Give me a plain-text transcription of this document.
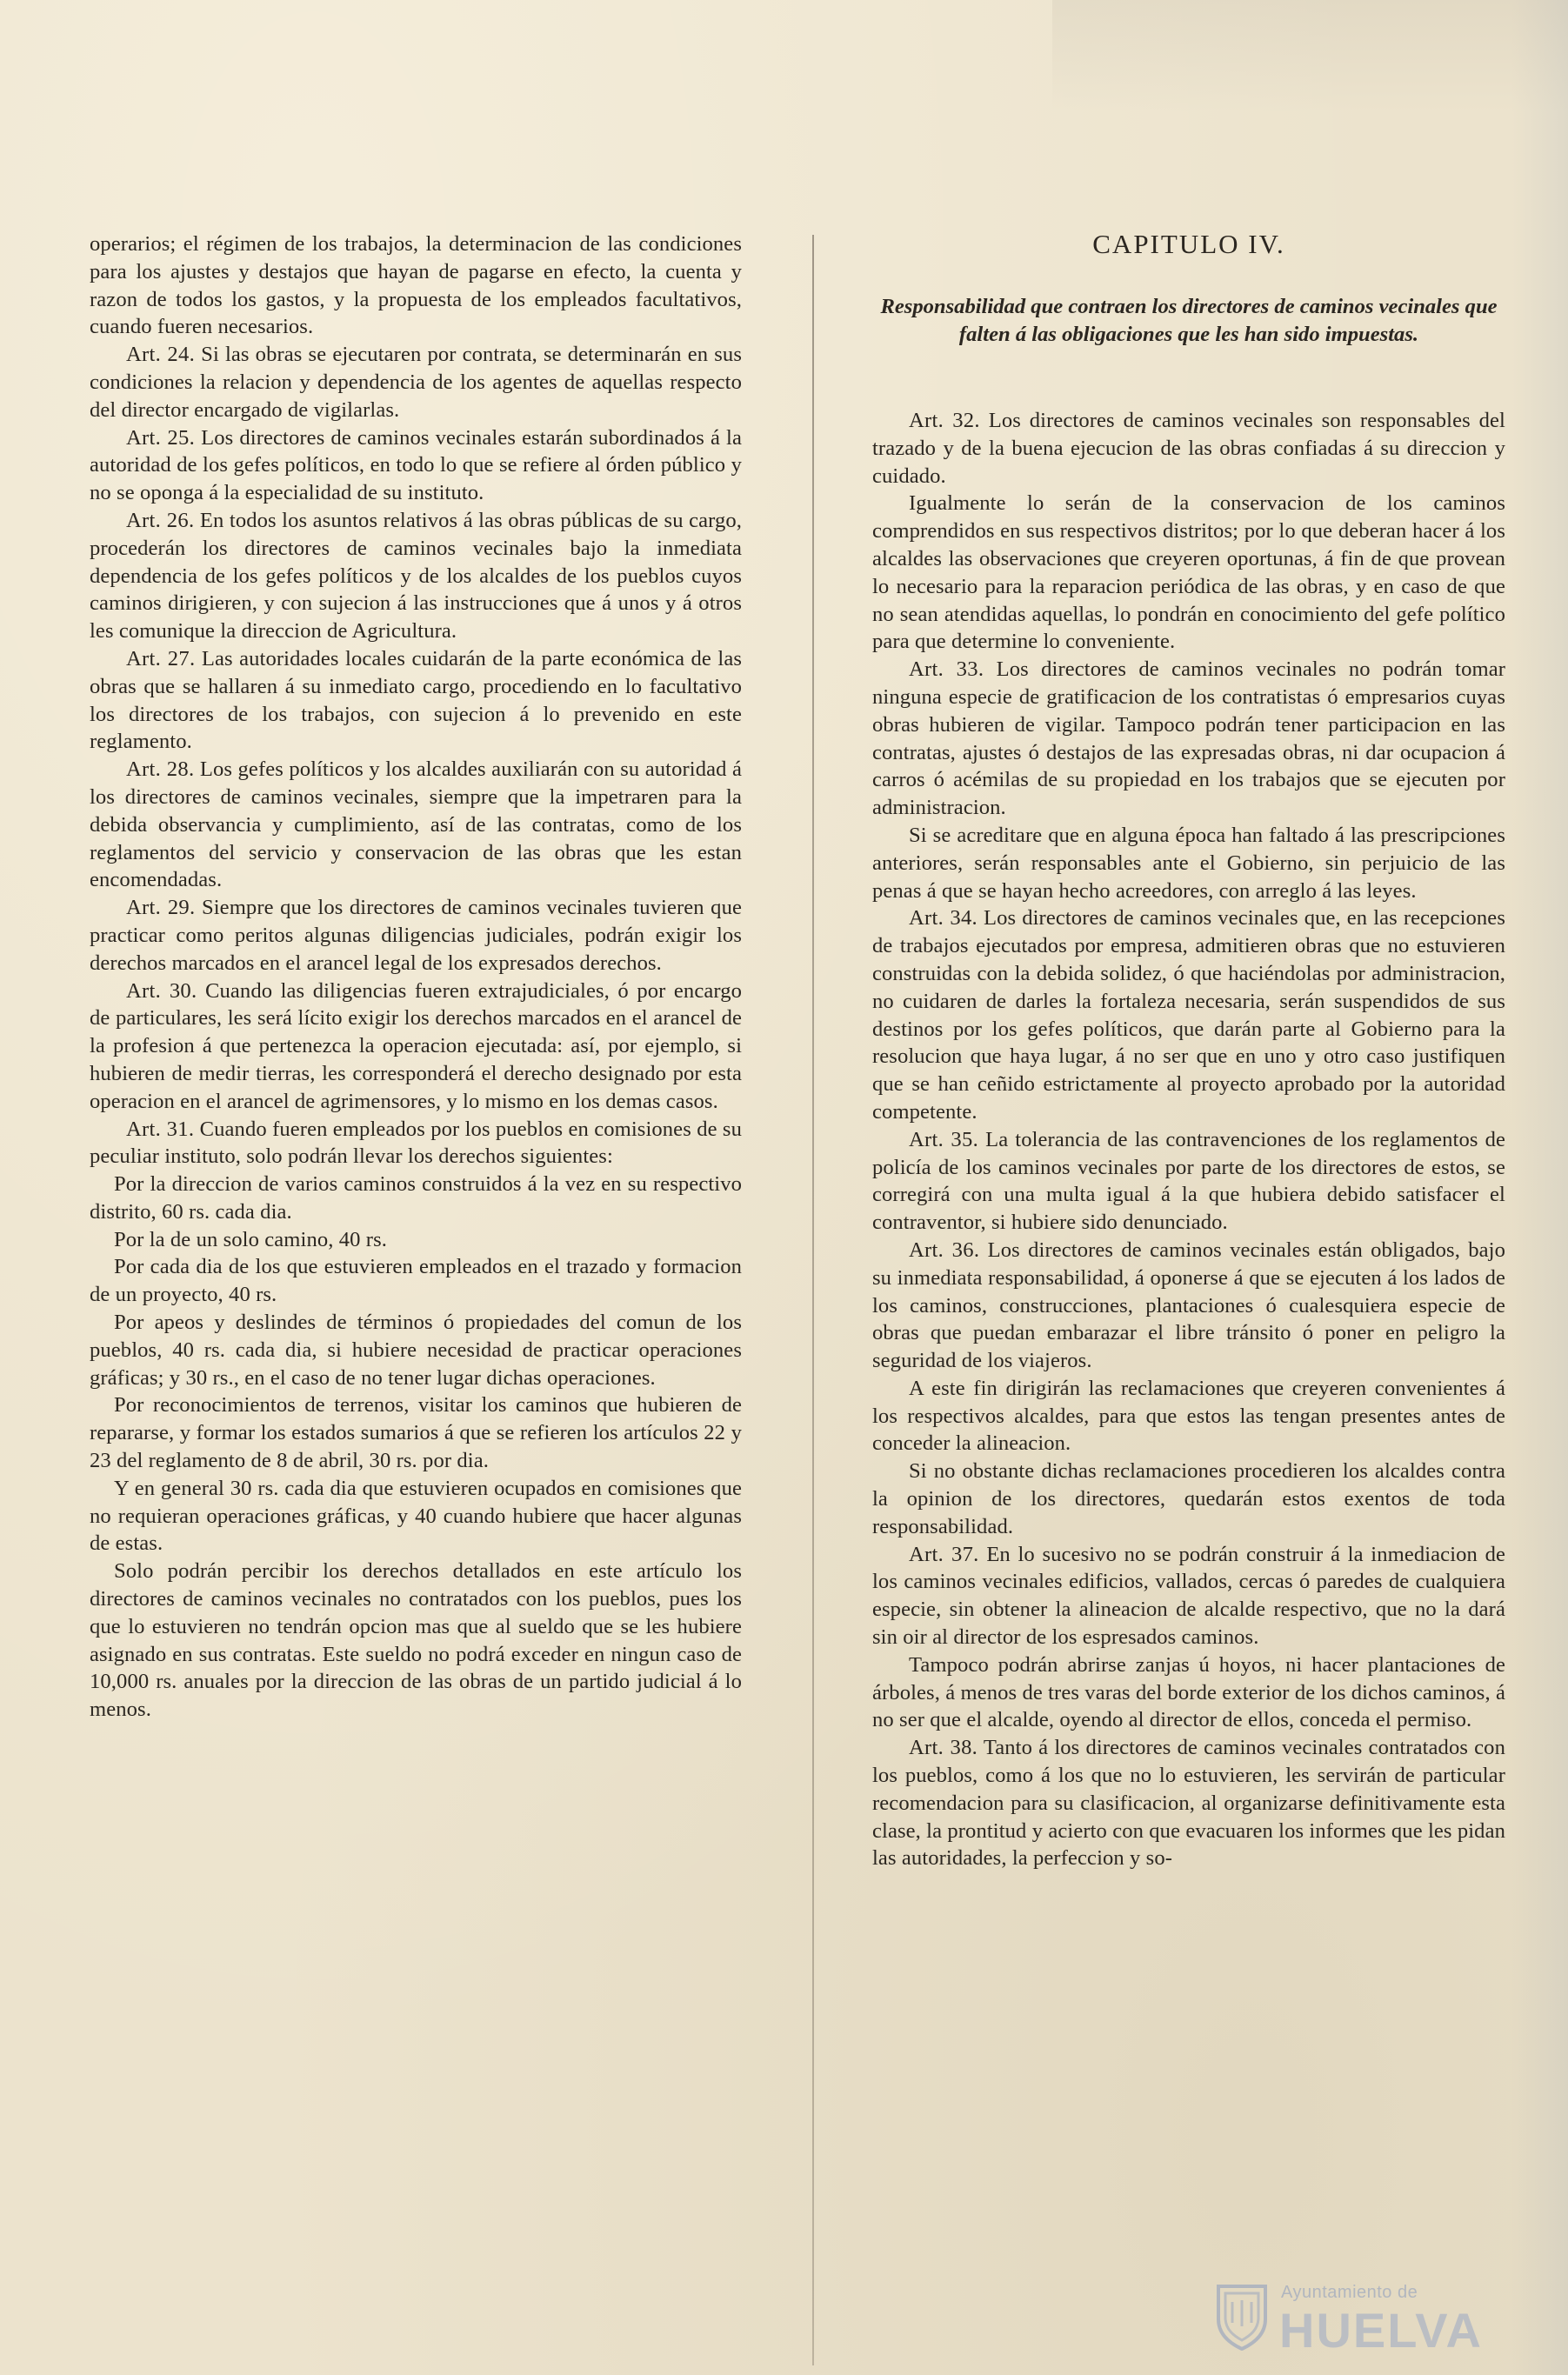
operarios; el régimen de los trabajos, la determinacion de las condiciones para los ajustes y destajos que hayan de pagarse en efecto, la cuenta y razon de todos los gastos, y la propuesta de los empleados facultativos, cuando fueren necesarios.

Art. 24. Si las obras se ejecutaren por contrata, se determinarán en sus condiciones la relacion y dependencia de los agentes de aquellas respecto del director encargado de vigilarlas.

Art. 25. Los directores de caminos vecinales estarán subordinados á la autoridad de los gefes políticos, en todo lo que se refiere al órden público y no se oponga á la especialidad de su instituto.

Art. 26. En todos los asuntos relativos á las obras públicas de su cargo, procederán los directores de caminos vecinales bajo la inmediata dependencia de los gefes políticos y de los alcaldes de los pueblos cuyos caminos dirigieren, y con sujecion á las instrucciones que á unos y á otros les comunique la direccion de Agricultura.

Art. 27. Las autoridades locales cuidarán de la parte económica de las obras que se hallaren á su inmediato cargo, procediendo en lo facultativo los directores de los trabajos, con sujecion á lo prevenido en este reglamento.

Art. 28. Los gefes políticos y los alcaldes auxiliarán con su autoridad á los directores de caminos vecinales, siempre que la impetraren para la debida observancia y cumplimiento, así de las contratas, como de los reglamentos del servicio y conservacion de las obras que les estan encomendadas.

Art. 29. Siempre que los directores de caminos vecinales tuvieren que practicar como peritos algunas diligencias judiciales, podrán exigir los derechos marcados en el arancel legal de los expresados derechos.

Art. 30. Cuando las diligencias fueren extrajudiciales, ó por encargo de particulares, les será lícito exigir los derechos marcados en el arancel de la profesion á que pertenezca la operacion ejecutada: así, por ejemplo, si hubieren de medir tierras, les corresponderá el derecho designado por esta operacion en el arancel de agrimensores, y lo mismo en los demas casos.

Art. 31. Cuando fueren empleados por los pueblos en comisiones de su peculiar instituto, solo podrán llevar los derechos siguientes:

Por la direccion de varios caminos construidos á la vez en su respectivo distrito, 60 rs. cada dia.

Por la de un solo camino, 40 rs.

Por cada dia de los que estuvieren empleados en el trazado y formacion de un proyecto, 40 rs.

Por apeos y deslindes de términos ó propiedades del comun de los pueblos, 40 rs. cada dia, si hubiere necesidad de practicar operaciones gráficas; y 30 rs., en el caso de no tener lugar dichas operaciones.

Por reconocimientos de terrenos, visitar los caminos que hubieren de repararse, y formar los estados sumarios á que se refieren los artículos 22 y 23 del reglamento de 8 de abril, 30 rs. por dia.

Y en general 30 rs. cada dia que estuvieren ocupados en comisiones que no requieran operaciones gráficas, y 40 cuando hubiere que hacer algunas de estas.

Solo podrán percibir los derechos detallados en este artículo los directores de caminos vecinales no contratados con los pueblos, pues los que lo estuvieren no tendrán opcion mas que al sueldo que se les hubiere asignado en sus contratas. Este sueldo no podrá exceder en ningun caso de 10,000 rs. anuales por la direccion de las obras de un partido judicial á lo menos.

CAPITULO IV.
Responsabilidad que contraen los directores de caminos vecinales que falten á las obligaciones que les han sido impuestas.

Art. 32. Los directores de caminos vecinales son responsables del trazado y de la buena ejecucion de las obras confiadas á su direccion y cuidado.

Igualmente lo serán de la conservacion de los caminos comprendidos en sus respectivos distritos; por lo que deberan hacer á los alcaldes las observaciones que creyeren oportunas, á fin de que provean lo necesario para la reparacion periódica de las obras, y en caso de que no sean atendidas aquellas, lo pondrán en conocimiento del gefe político para que determine lo conveniente.

Art. 33. Los directores de caminos vecinales no podrán tomar ninguna especie de gratificacion de los contratistas ó empresarios cuyas obras hubieren de vigilar. Tampoco podrán tener participacion en las contratas, ajustes ó destajos de las expresadas obras, ni dar ocupacion á carros ó acémilas de su propiedad en los trabajos que se ejecuten por administracion.

Si se acreditare que en alguna época han faltado á las prescripciones anteriores, serán responsables ante el Gobierno, sin perjuicio de las penas á que se hayan hecho acreedores, con arreglo á las leyes.

Art. 34. Los directores de caminos vecinales que, en las recepciones de trabajos ejecutados por empresa, admitieren obras que no estuvieren construidas con la debida solidez, ó que haciéndolas por administracion, no cuidaren de darles la fortaleza necesaria, serán suspendidos de sus destinos por los gefes políticos, que darán parte al Gobierno para la resolucion que haya lugar, á no ser que en uno y otro caso justifiquen que se han ceñido estrictamente al proyecto aprobado por la autoridad competente.

Art. 35. La tolerancia de las contravenciones de los reglamentos de policía de los caminos vecinales por parte de los directores de estos, se corregirá con una multa igual á la que hubiera debido satisfacer el contraventor, si hubiere sido denunciado.

Art. 36. Los directores de caminos vecinales están obligados, bajo su inmediata responsabilidad, á oponerse á que se ejecuten á los lados de los caminos, construcciones, plantaciones ó cualesquiera especie de obras que puedan embarazar el libre tránsito ó poner en peligro la seguridad de los viajeros.

A este fin dirigirán las reclamaciones que creyeren convenientes á los respectivos alcaldes, para que estos las tengan presentes antes de conceder la alineacion.

Si no obstante dichas reclamaciones procedieren los alcaldes contra la opinion de los directores, quedarán estos exentos de toda responsabilidad.

Art. 37. En lo sucesivo no se podrán construir á la inmediacion de los caminos vecinales edificios, vallados, cercas ó paredes de cualquiera especie, sin obtener la alineacion de alcalde respectivo, que no la dará sin oir al director de los espresados caminos.

Tampoco podrán abrirse zanjas ú hoyos, ni hacer plantaciones de árboles, á menos de tres varas del borde exterior de los dichos caminos, á no ser que el alcalde, oyendo al director de ellos, conceda el permiso.

Art. 38. Tanto á los directores de caminos vecinales contratados con los pueblos, como á los que no lo estuvieren, les servirán de particular recomendacion para su clasificacion, al organizarse definitivamente esta clase, la prontitud y acierto con que evacuaren los informes que les pidan las autoridades, la perfeccion y so-

Ayuntamiento de
HUELVA
